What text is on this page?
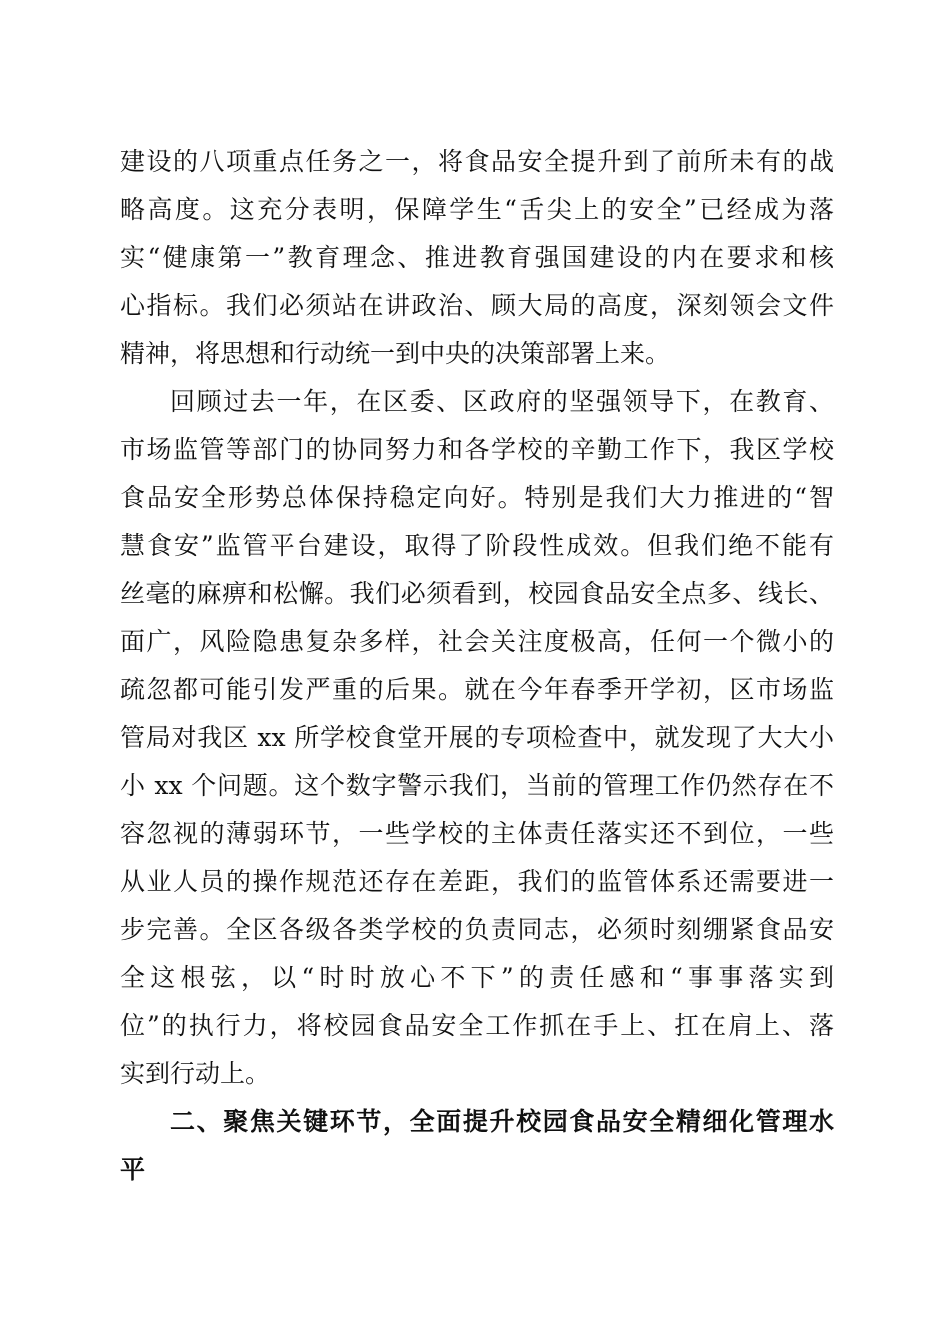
建设的八项重点任务之一，将食品安全提升到了前所未有的战
略高度。这充分表明，保障学生“舌尖上的安全”已经成为落
实“健康第一”教育理念、推进教育强国建设的内在要求和核
心指标。我们必须站在讲政治、顾大局的高度，深刻领会文件
精神，将思想和行动统一到中央的决策部署上来。
回顾过去一年，在区委、区政府的坚强领导下，在教育、
市场监管等部门的协同努力和各学校的辛勤工作下，我区学校
食品安全形势总体保持稳定向好。特别是我们大力推进的“智
慧食安”监管平台建设，取得了阶段性成效。但我们绝不能有
丝毫的麻痹和松懈。我们必须看到，校园食品安全点多、线长、
面广，风险隐患复杂多样，社会关注度极高，任何一个微小的
疏忽都可能引发严重的后果。就在今年春季开学初，区市场监
管局对我区 xx 所学校食堂开展的专项检查中，就发现了大大小
小 xx 个问题。这个数字警示我们，当前的管理工作仍然存在不
容忽视的薄弱环节，一些学校的主体责任落实还不到位，一些
从业人员的操作规范还存在差距，我们的监管体系还需要进一
步完善。全区各级各类学校的负责同志，必须时刻绷紧食品安
全这根弦，以“时时放心不下”的责任感和“事事落实到
位”的执行力，将校园食品安全工作抓在手上、扛在肩上、落
实到行动上。
二、聚焦关键环节，全面提升校园食品安全精细化管理水
平
